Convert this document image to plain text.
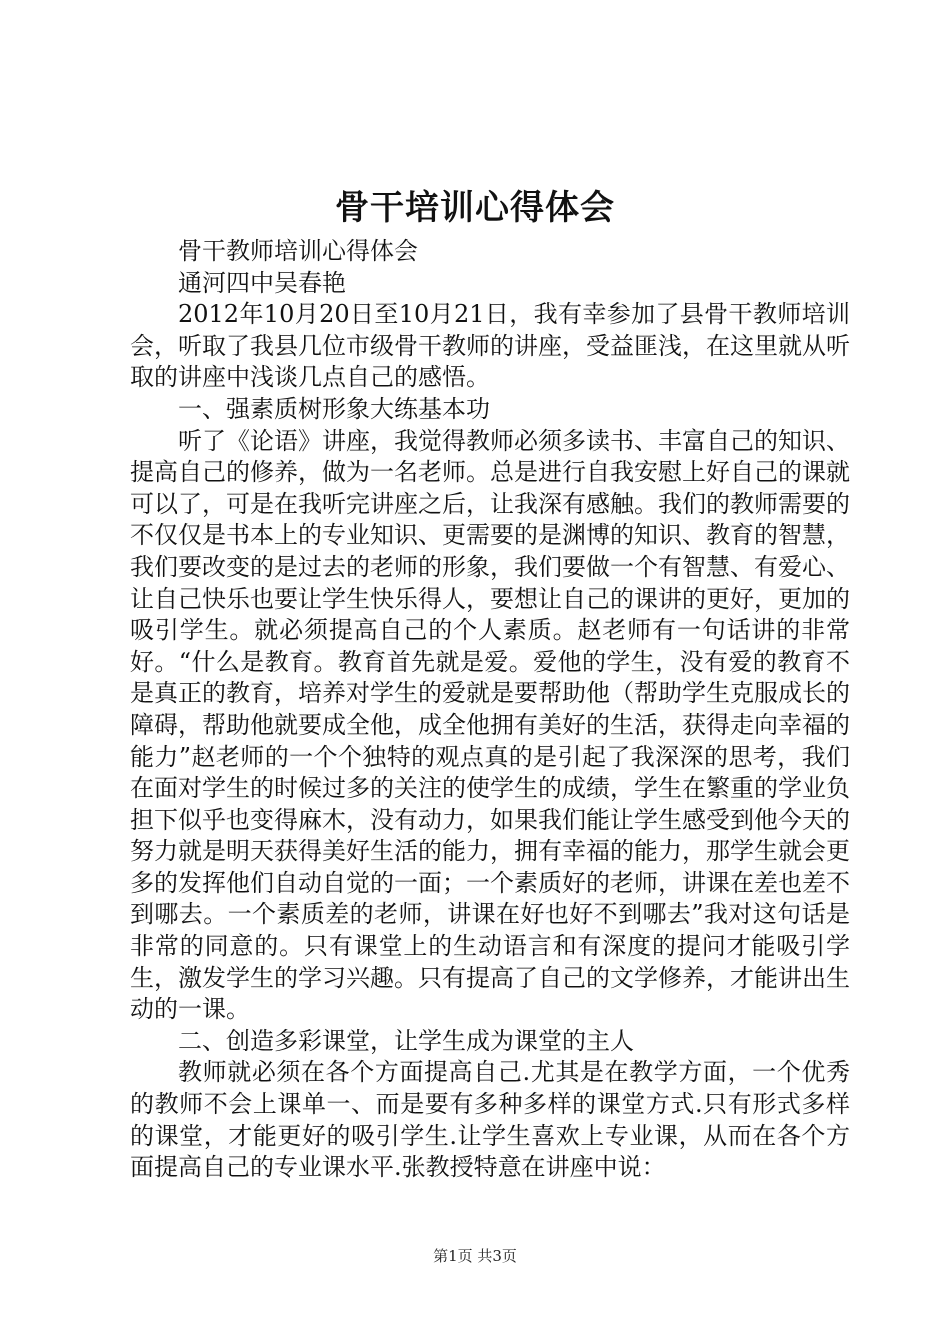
骨干培训心得体会

骨干教师培训心得体会

通河四中吴春艳

2012年10月20日至10月21日，我有幸参加了县骨干教师培训会，听取了我县几位市级骨干教师的讲座，受益匪浅，在这里就从听取的讲座中浅谈几点自己的感悟。

一、强素质树形象大练基本功

听了《论语》讲座，我觉得教师必须多读书、丰富自己的知识、提高自己的修养，做为一名老师。总是进行自我安慰上好自己的课就可以了，可是在我听完讲座之后，让我深有感触。我们的教师需要的不仅仅是书本上的专业知识、更需要的是渊博的知识、教育的智慧，我们要改变的是过去的老师的形象，我们要做一个有智慧、有爱心、让自己快乐也要让学生快乐得人，要想让自己的课讲的更好，更加的吸引学生。就必须提高自己的个人素质。赵老师有一句话讲的非常好。“什么是教育。教育首先就是爱。爱他的学生，没有爱的教育不是真正的教育，培养对学生的爱就是要帮助他（帮助学生克服成长的障碍，帮助他就要成全他，成全他拥有美好的生活，获得走向幸福的能力”赵老师的一个个独特的观点真的是引起了我深深的思考，我们在面对学生的时候过多的关注的使学生的成绩，学生在繁重的学业负担下似乎也变得麻木，没有动力，如果我们能让学生感受到他今天的努力就是明天获得美好生活的能力，拥有幸福的能力，那学生就会更多的发挥他们自动自觉的一面；一个素质好的老师，讲课在差也差不到哪去。一个素质差的老师，讲课在好也好不到哪去”我对这句话是非常的同意的。只有课堂上的生动语言和有深度的提问才能吸引学生，激发学生的学习兴趣。只有提高了自己的文学修养，才能讲出生动的一课。

二、创造多彩课堂，让学生成为课堂的主人

教师就必须在各个方面提高自己.尤其是在教学方面，一个优秀的教师不会上课单一、而是要有多种多样的课堂方式.只有形式多样的课堂，才能更好的吸引学生.让学生喜欢上专业课，从而在各个方面提高自己的专业课水平.张教授特意在讲座中说：

第1页 共3页
